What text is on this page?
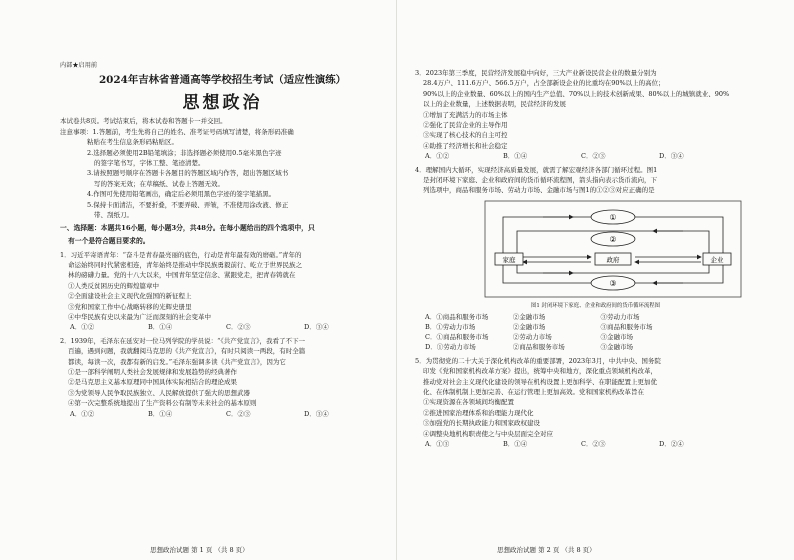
内部★启用前
2024年吉林省普通高等学校招生考试（适应性演练）
思想政治
本试卷共8页。考试结束后，将本试卷和答题卡一并交回。
注意事项：1.答题前，考生先将自己的姓名、准考证号码填写清楚，将条形码准确
粘贴在考生信息条形码粘贴区。
2.选择题必须使用2B铅笔填涂；非选择题必须使用0.5毫米黑色字迹
的签字笔书写，字体工整、笔迹清楚。
3.请按照题号顺序在答题卡各题目的答题区域内作答，超出答题区域书
写的答案无效；在草稿纸、试卷上答题无效。
4.作图可先使用铅笔画出，确定后必须用黑色字迹的签字笔描黑。
5.保持卡面清洁，不要折叠，不要弄破、弄皱，不准使用涂改液、修正
带、刮纸刀。
一、选择题：本题共16小题，每小题3分，共48分。在每小题给出的四个选项中，只
有一个是符合题目要求的。
1．习近平寄语青年：“奋斗是青春最亮丽的底色，行动是青年最有效的磨砺。”青年的
命运始终同时代紧密相连，青年始终是推动中华民族勇毅前行、屹立于世界民族之
林的磅礴力量。党的十八大以来，中国青年坚定信念、紧跟党走，把青春铸就在
①人类反贫困历史的辉煌篇章中
②全面建设社会主义现代化强国的新征程上
③党和国家工作中心战略转移的光辉史册里
④中华民族有史以来最为广泛而深刻的社会变革中
A．①②	B．①④	C．②③	D．③④
2．1939年，毛泽东在延安对一位马列学院的学员说：“《共产党宣言》，我看了不下一
百遍，遇到问题，我就翻阅马克思的《共产党宣言》，有时只阅读一两段，有时全篇
都读，每读一次，我都有新的启发。”毛泽东强调多读《共产党宣言》，因为它
①是一部科学阐明人类社会发展规律和发展趋势的经典著作
②是马克思主义基本原理同中国具体实际相结合的理论成果
③为党领导人民争取民族独立、人民解放提供了强大的思想武器
④第一次完整系统地提出了生产资料公有制等未来社会的基本原则
A．①②	B．①④	C．②③	D．③④
思想政治试题 第 1 页 （共 8 页）
3．2023年第三季度，民营经济发展稳中向好，三大产业新设民营企业的数量分别为
28.4万户、111.6万户、566.5万户，占全部新设企业的比重均在90%以上的高位；
90%以上的企业数量、60%以上的国内生产总值、70%以上的技术创新成果、80%以上的城镇就业、90%
以上的企业数量，上述数据表明，民营经济的发展
①增加了充满活力的市场主体
②强化了民营企业的主导作用
③实现了核心技术的自主可控
④助推了经济增长和社会稳定
A．①②	B．①④	C．②③	D．③④
4．理解国内大循环，实现经济高质量发展，就需了解宏观经济各部门循环过程。图1
是封闭环境下家庭、企业和政府间的货币循环流程图，箭头指向表示货币流向，下
列选项中，商品和服务市场、劳动力市场、金融市场与图1的①②③对应正确的是
①
②
③
家庭	政府	企业
图1 封闭环境下家庭、企业和政府间的货币循环流程图
A．①商品和服务市场	②金融市场	③劳动力市场
B．①劳动力市场	②金融市场	③商品和服务市场
C．①商品和服务市场	②劳动力市场	③金融市场
D．①劳动力市场	②商品和服务市场	③金融市场
5．为贯彻党的二十大关于深化机构改革的重要部署，2023年3月，中共中央、国务院
印发《党和国家机构改革方案》提出，统筹中央和地方，深化重点领域机构改革，
推动党对社会主义现代化建设的领导在机构设置上更加科学、在职能配置上更加优
化、在体制机制上更加完善、在运行管理上更加高效。党和国家机构改革旨在
①实现资源在各领域间均衡配置
②推进国家治理体系和治理能力现代化
③加强党的长期执政能力和国家政权建设
④调整央地机构职责使之与中央层面完全对应
A．①③	B．①④	C．②③	D．②④
思想政治试题 第 2 页 （共 8 页）
